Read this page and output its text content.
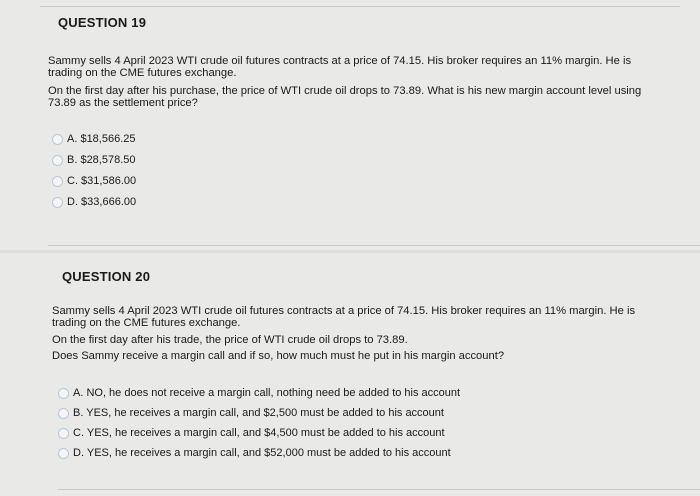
QUESTION 19
Sammy sells 4 April 2023 WTI crude oil futures contracts at a price of 74.15. His broker requires an 11% margin. He is
trading on the CME futures exchange.
On the first day after his purchase, the price of WTI crude oil drops to 73.89. What is his new margin account level using
73.89 as the settlement price?
A. $18,566.25
B. $28,578.50
C. $31,586.00
D. $33,666.00
QUESTION 20
Sammy sells 4 April 2023 WTI crude oil futures contracts at a price of 74.15. His broker requires an 11% margin. He is
trading on the CME futures exchange.
On the first day after his trade, the price of WTI crude oil drops to 73.89.
Does Sammy receive a margin call and if so, how much must he put in his margin account?
A. NO, he does not receive a margin call, nothing need be added to his account
B. YES, he receives a margin call, and $2,500 must be added to his account
C. YES, he receives a margin call, and $4,500 must be added to his account
D. YES, he receives a margin call, and $52,000 must be added to his account
